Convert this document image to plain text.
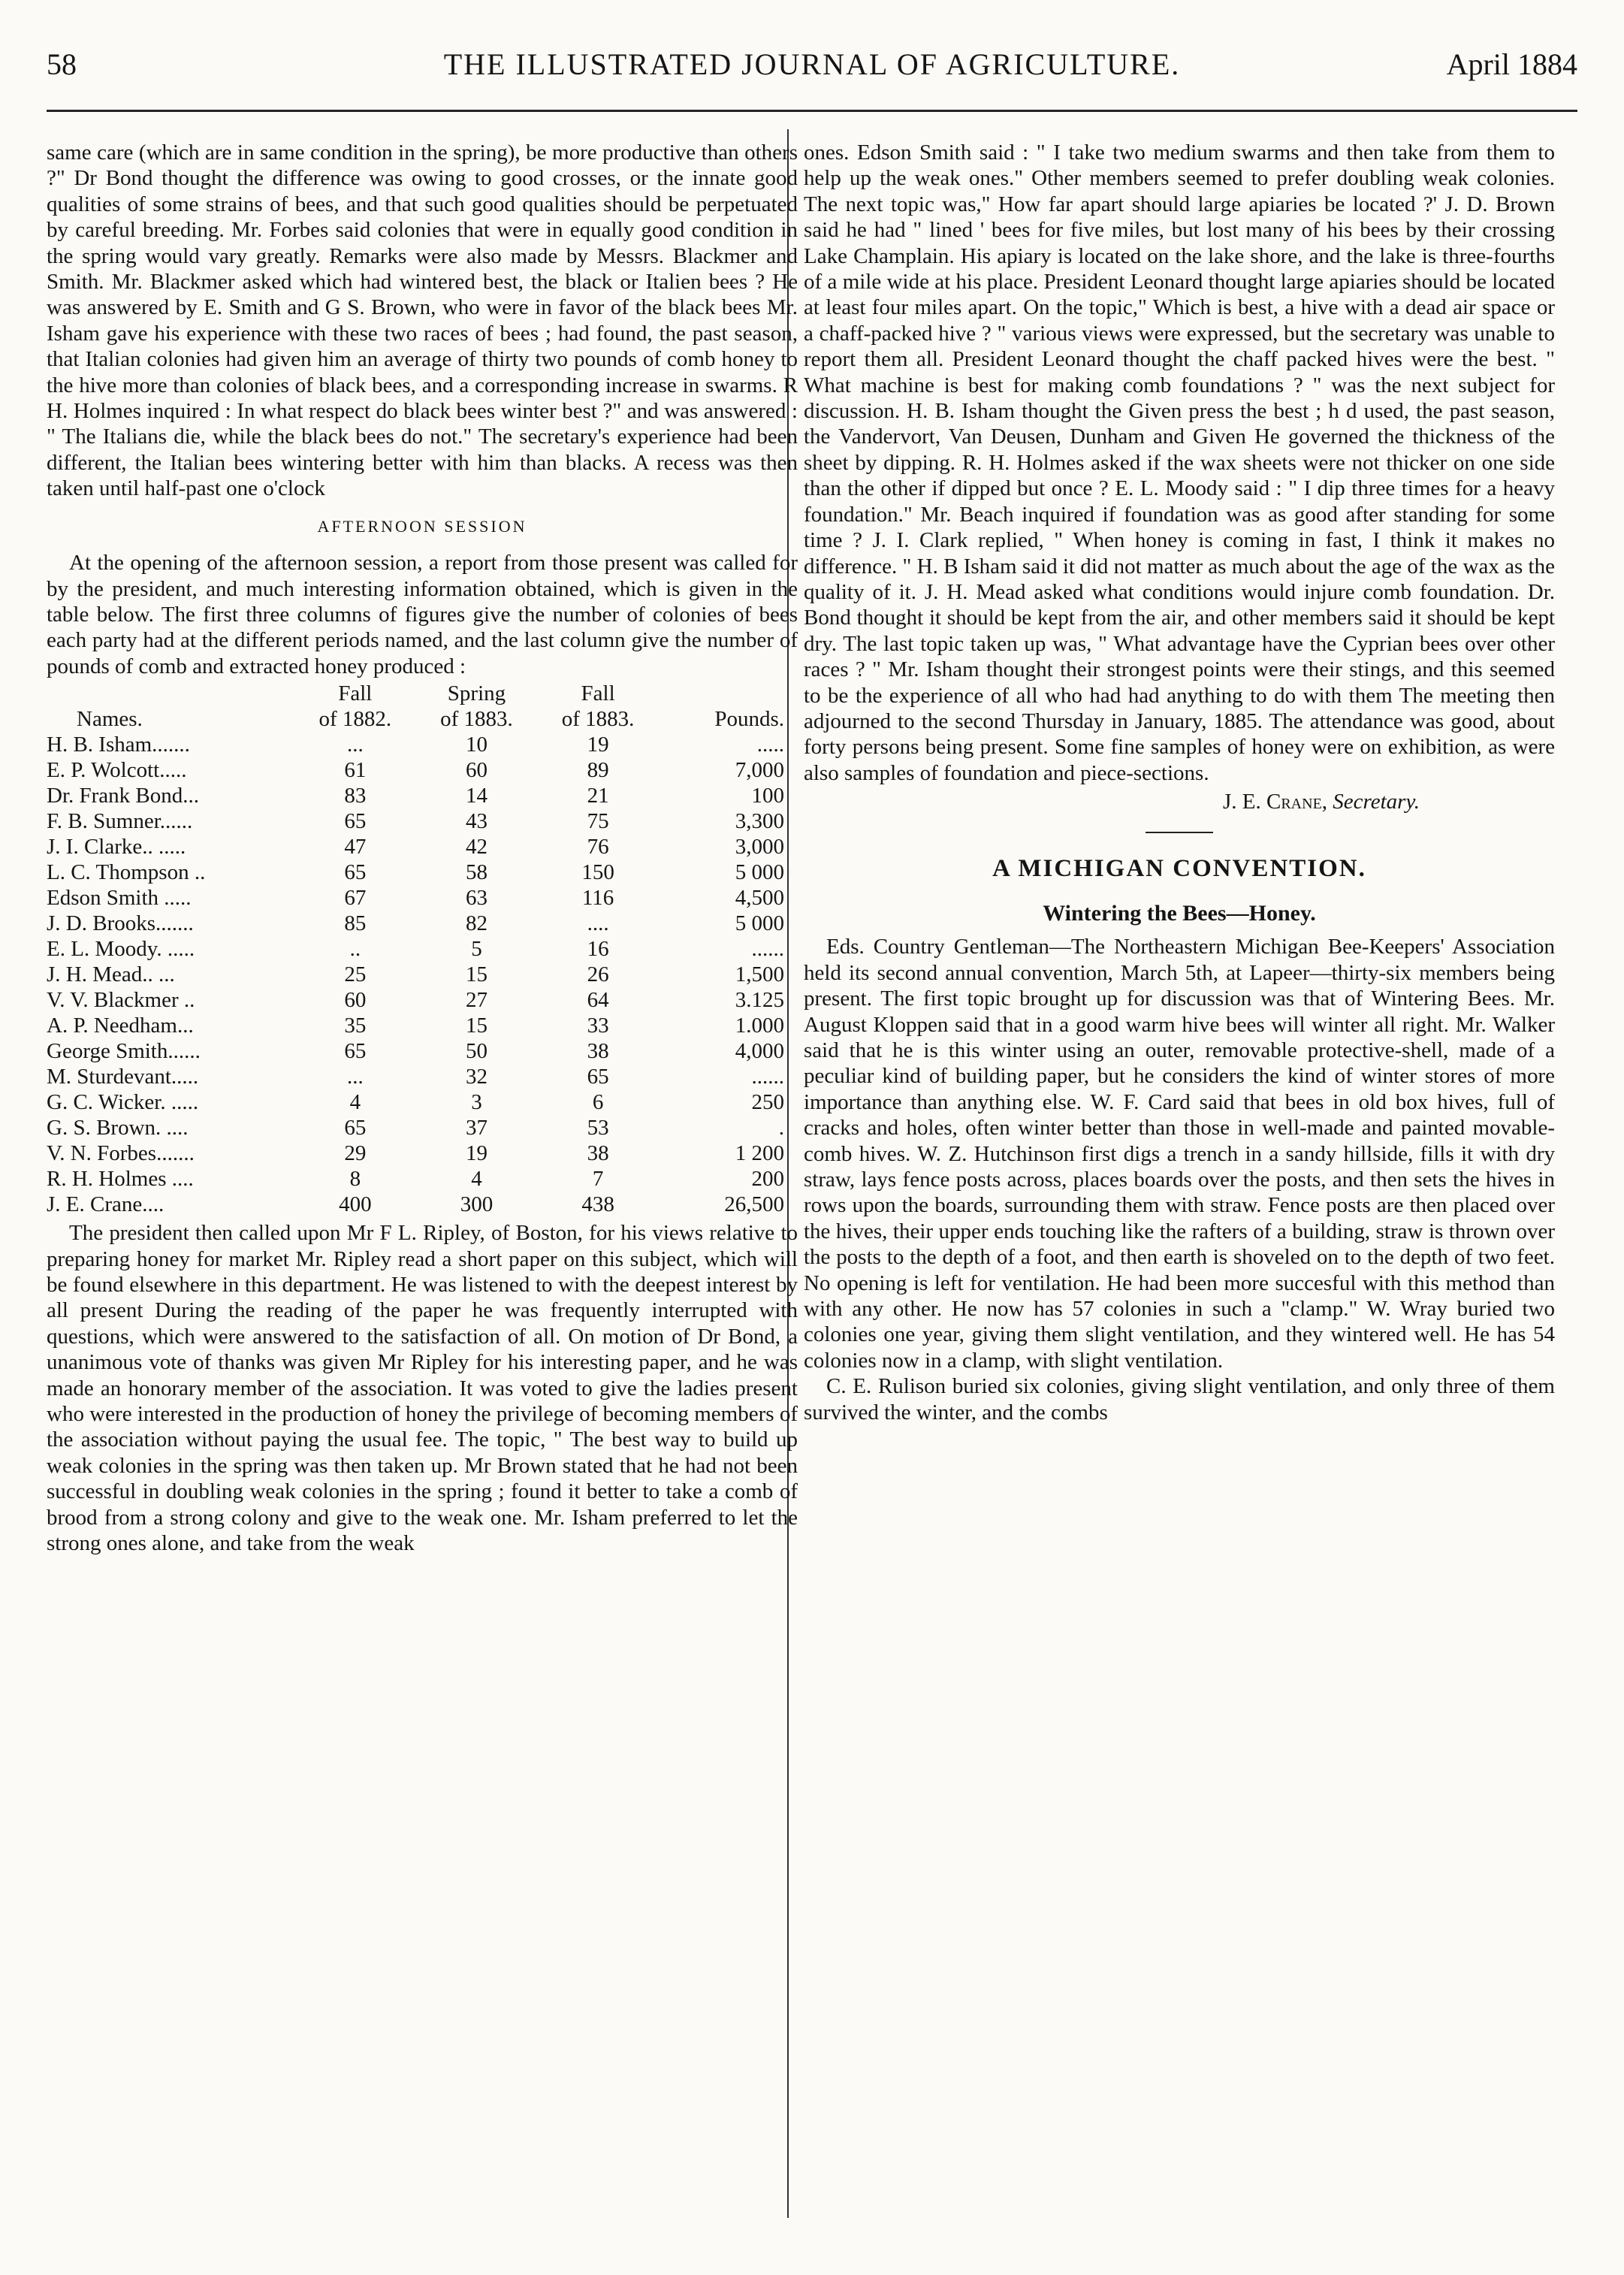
58	THE ILLUSTRATED JOURNAL OF AGRICULTURE.	April 1884

same care (which are in same condition in the spring), be more productive than others ?" Dr Bond thought the difference was owing to good crosses, or the innate good qualities of some strains of bees, and that such good qualities should be perpetuated by careful breeding. Mr. Forbes said colonies that were in equally good condition in the spring would vary greatly. Remarks were also made by Messrs. Blackmer and Smith. Mr. Blackmer asked which had wintered best, the black or Italien bees ? He was answered by E. Smith and G S. Brown, who were in favor of the black bees Mr. Isham gave his experience with these two races of bees ; had found, the past season, that Italian colonies had given him an average of thirty two pounds of comb honey to the hive more than colonies of black bees, and a corresponding increase in swarms. R H. Holmes inquired : In what respect do black bees winter best ?" and was answered : " The Italians die, while the black bees do not." The secretary's experience had been different, the Italian bees wintering better with him than blacks. A recess was then taken until half-past one o'clock

AFTERNOON SESSION

At the opening of the afternoon session, a report from those present was called for by the president, and much interesting information obtained, which is given in the table below. The first three columns of figures give the number of colonies of bees each party had at the different periods named, and the last column give the number of pounds of comb and extracted honey produced :

	Fall	Spring	Fall	
Names.	of 1882.	of 1883.	of 1883.	Pounds.
H. B. Isham.......	...	10	19	.....
E. P. Wolcott.....	61	60	89	7,000
Dr. Frank Bond...	83	14	21	100
F. B. Sumner......	65	43	75	3,300
J. I. Clarke.. .....	47	42	76	3,000
L. C. Thompson ..	65	58	150	5 000
Edson Smith .....	67	63	116	4,500
J. D. Brooks.......	85	82	....	5 000
E. L. Moody. .....	..	5	16	......
J. H. Mead.. ...	25	15	26	1,500
V. V. Blackmer ..	60	27	64	3.125
A. P. Needham...	35	15	33	1.000
George Smith......	65	50	38	4,000
M. Sturdevant.....	...	32	65	......
G. C. Wicker. .....	4	3	6	250
G. S. Brown. ....	65	37	53	.
V. N. Forbes.......	29	19	38	1 200
R. H. Holmes ....	8	4	7	200
J. E. Crane....	400	300	438	26,500

The president then called upon Mr F L. Ripley, of Boston, for his views relative to preparing honey for market Mr. Ripley read a short paper on this subject, which will be found elsewhere in this department. He was listened to with the deepest interest by all present During the reading of the paper he was frequently interrupted with questions, which were answered to the satisfaction of all. On motion of Dr Bond, a unanimous vote of thanks was given Mr Ripley for his interesting paper, and he was made an honorary member of the association. It was voted to give the ladies present who were interested in the production of honey the privilege of becoming members of the association without paying the usual fee. The topic, " The best way to build up weak colonies in the spring was then taken up. Mr Brown stated that he had not been successful in doubling weak colonies in the spring ; found it better to take a comb of brood from a strong colony and give to the weak one. Mr. Isham preferred to let the strong ones alone, and take from the weak

ones. Edson Smith said : " I take two medium swarms and then take from them to help up the weak ones." Other members seemed to prefer doubling weak colonies. The next topic was," How far apart should large apiaries be located ?' J. D. Brown said he had " lined ' bees for five miles, but lost many of his bees by their crossing Lake Champlain. His apiary is located on the lake shore, and the lake is three-fourths of a mile wide at his place. President Leonard thought large apiaries should be located at least four miles apart. On the topic," Which is best, a hive with a dead air space or a chaff-packed hive ? " various views were expressed, but the secretary was unable to report them all. President Leonard thought the chaff packed hives were the best. " What machine is best for making comb foundations ? " was the next subject for discussion. H. B. Isham thought the Given press the best ; h d used, the past season, the Vandervort, Van Deusen, Dunham and Given He governed the thickness of the sheet by dipping. R. H. Holmes asked if the wax sheets were not thicker on one side than the other if dipped but once ? E. L. Moody said : " I dip three times for a heavy foundation." Mr. Beach inquired if foundation was as good after standing for some time ? J. I. Clark replied, " When honey is coming in fast, I think it makes no difference. " H. B Isham said it did not matter as much about the age of the wax as the quality of it. J. H. Mead asked what conditions would injure comb foundation. Dr. Bond thought it should be kept from the air, and other members said it should be kept dry. The last topic taken up was, " What advantage have the Cyprian bees over other races ? " Mr. Isham thought their strongest points were their stings, and this seemed to be the experience of all who had had anything to do with them The meeting then adjourned to the second Thursday in January, 1885. The attendance was good, about forty persons being present. Some fine samples of honey were on exhibition, as were also samples of foundation and piece-sections.

J. E. Crane, Secretary.
A MICHIGAN CONVENTION.
Wintering the Bees—Honey.

Eds. Country Gentleman—The Northeastern Michigan Bee-Keepers' Association held its second annual convention, March 5th, at Lapeer—thirty-six members being present. The first topic brought up for discussion was that of Wintering Bees. Mr. August Kloppen said that in a good warm hive bees will winter all right. Mr. Walker said that he is this winter using an outer, removable protective-shell, made of a peculiar kind of building paper, but he considers the kind of winter stores of more importance than anything else. W. F. Card said that bees in old box hives, full of cracks and holes, often winter better than those in well-made and painted movable-comb hives. W. Z. Hutchinson first digs a trench in a sandy hillside, fills it with dry straw, lays fence posts across, places boards over the posts, and then sets the hives in rows upon the boards, surrounding them with straw. Fence posts are then placed over the hives, their upper ends touching like the rafters of a building, straw is thrown over the posts to the depth of a foot, and then earth is shoveled on to the depth of two feet. No opening is left for ventilation. He had been more succesful with this method than with any other. He now has 57 colonies in such a "clamp." W. Wray buried two colonies one year, giving them slight ventilation, and they wintered well. He has 54 colonies now in a clamp, with slight ventilation.

C. E. Rulison buried six colonies, giving slight ventilation, and only three of them survived the winter, and the combs
